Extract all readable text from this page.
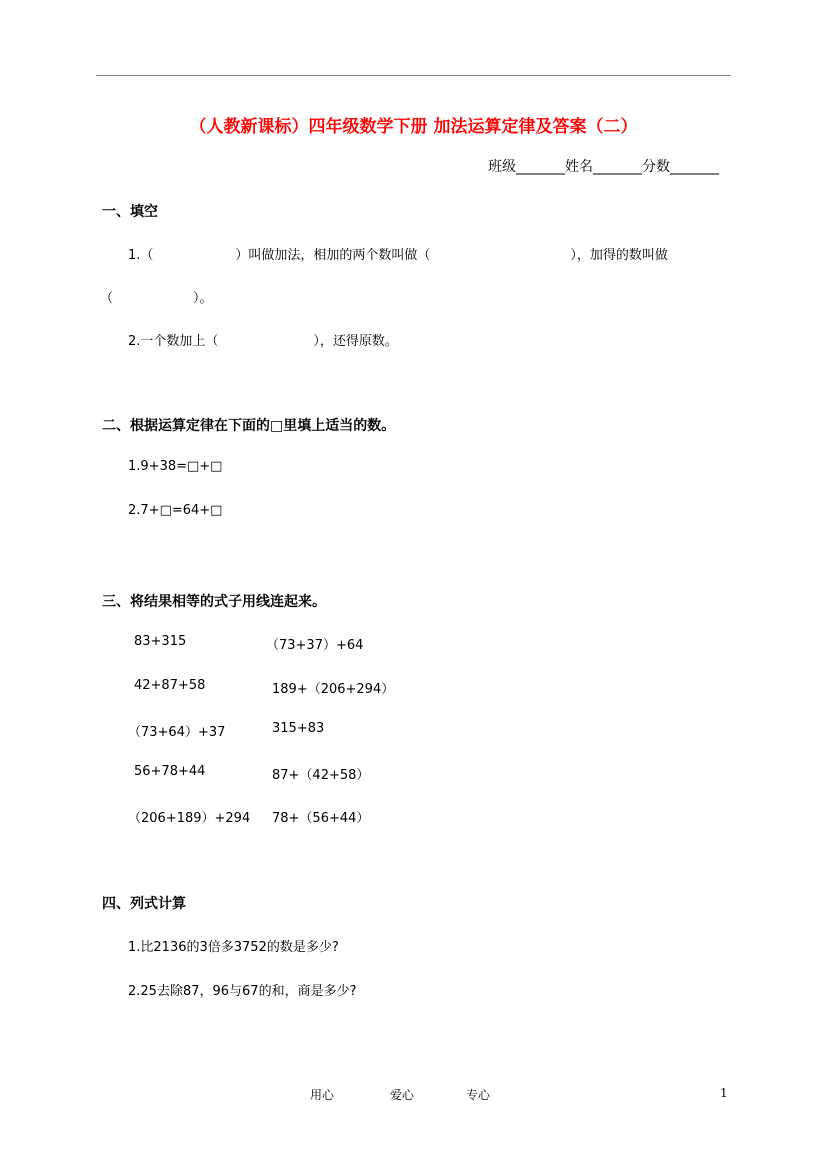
（人教新课标）四年级数学下册 加法运算定律及答案（二）
班级_______姓名_______分数_______
一、填空
1.（	）叫做加法，相加的两个数叫做（	），加得的数叫做
（	）。
2.一个数加上（	），还得原数。
二、根据运算定律在下面的□里填上适当的数。
1.9+38=□+□
2.7+□=64+□
三、将结果相等的式子用线连起来。
83+315
42+87+58
（73+64）+37
56+78+44
（206+189）+294
（73+37）+64
189+（206+294）
315+83
87+（42+58）
78+（56+44）
四、列式计算
1.比2136的3倍多3752的数是多少?
2.25去除87，96与67的和，商是多少?
用心	爱心	专心	1
